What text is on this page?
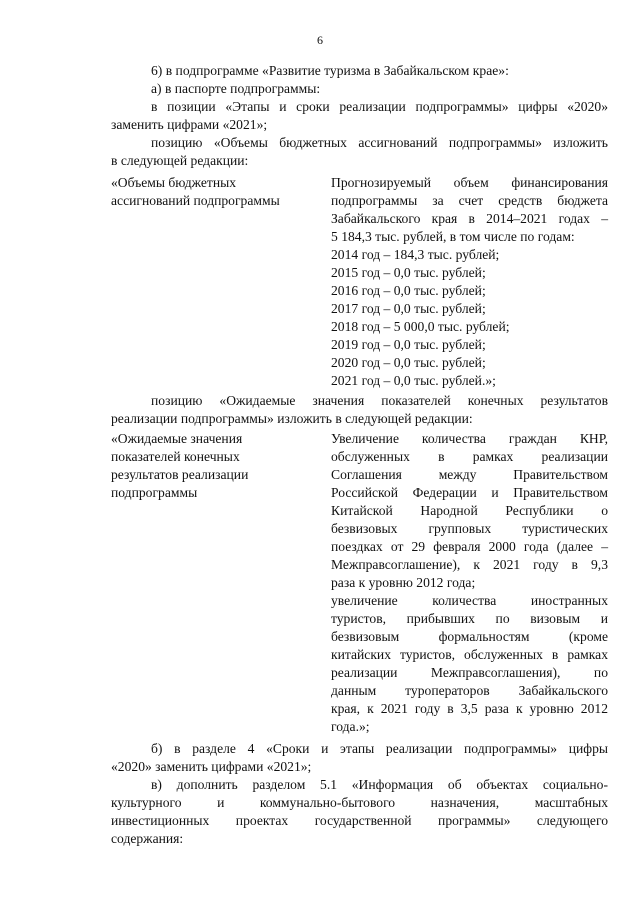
6
6) в подпрограмме «Развитие туризма в Забайкальском крае»:
а) в паспорте подпрограммы:
в позиции «Этапы и сроки реализации подпрограммы» цифры «2020»
заменить цифрами «2021»;
позицию «Объемы бюджетных ассигнований подпрограммы» изложить
в следующей редакции:
«Объемы бюджетных
ассигнований подпрограммы
Прогнозируемый объем финансирования
подпрограммы за счет средств бюджета
Забайкальского края в 2014–2021 годах –
5 184,3 тыс. рублей, в том числе по годам:
2014 год – 184,3 тыс. рублей;
2015 год – 0,0 тыс. рублей;
2016 год – 0,0 тыс. рублей;
2017 год – 0,0 тыс. рублей;
2018 год – 5 000,0 тыс. рублей;
2019 год – 0,0 тыс. рублей;
2020 год – 0,0 тыс. рублей;
2021 год – 0,0 тыс. рублей.»;
позицию «Ожидаемые значения показателей конечных результатов
реализации подпрограммы» изложить в следующей редакции:
«Ожидаемые значения
показателей конечных
результатов реализации
подпрограммы
Увеличение количества граждан КНР,
обслуженных в рамках реализации
Соглашения между Правительством
Российской Федерации и Правительством
Китайской Народной Республики о
безвизовых групповых туристических
поездках от 29 февраля 2000 года (далее –
Межправсоглашение), к 2021 году в 9,3
раза к уровню 2012 года;
увеличение количества иностранных
туристов, прибывших по визовым и
безвизовым формальностям (кроме
китайских туристов, обслуженных в рамках
реализации Межправсоглашения), по
данным туроператоров Забайкальского
края, к 2021 году в 3,5 раза к уровню 2012
года.»;
б) в разделе 4 «Сроки и этапы реализации подпрограммы» цифры
«2020» заменить цифрами «2021»;
в) дополнить разделом 5.1 «Информация об объектах социально-
культурного и коммунально-бытового назначения, масштабных
инвестиционных проектах государственной программы» следующего
содержания:
